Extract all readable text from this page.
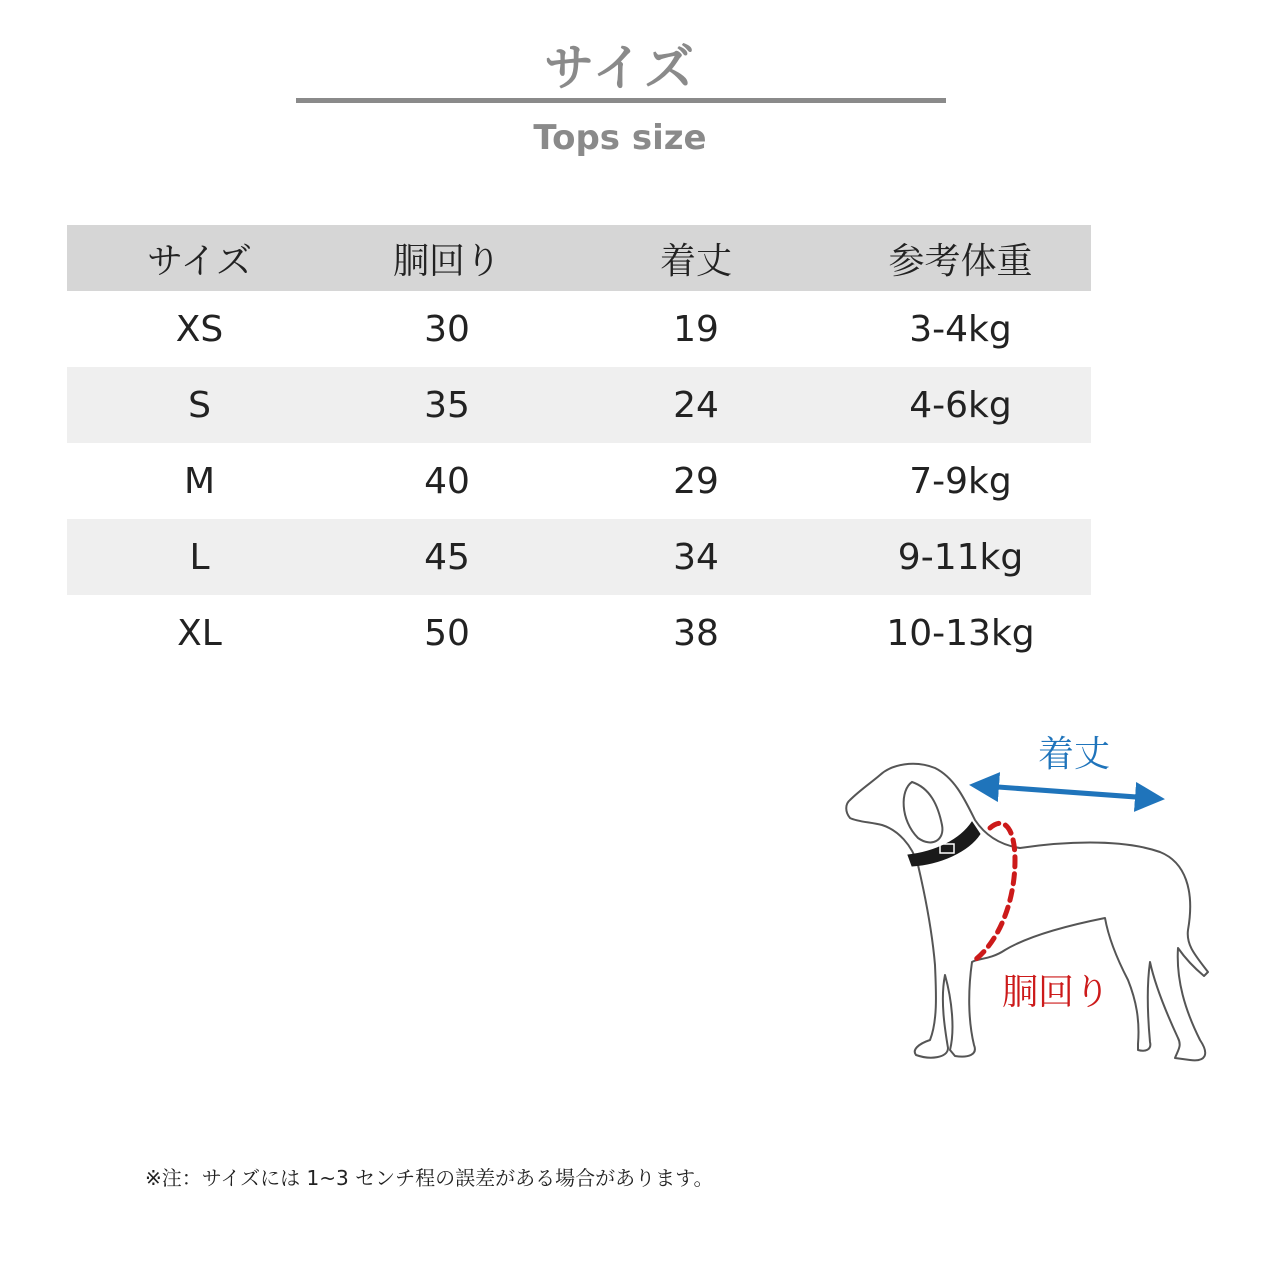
サイズ
Tops size
サイズ	胴回り	着丈	参考体重
XS	30	19	3-4kg
S	35	24	4-6kg
M	40	29	7-9kg
L	45	34	9-11kg
XL	50	38	10-13kg
着丈
胴回り
※注：サイズには 1~3 センチ程の誤差がある場合があります。
